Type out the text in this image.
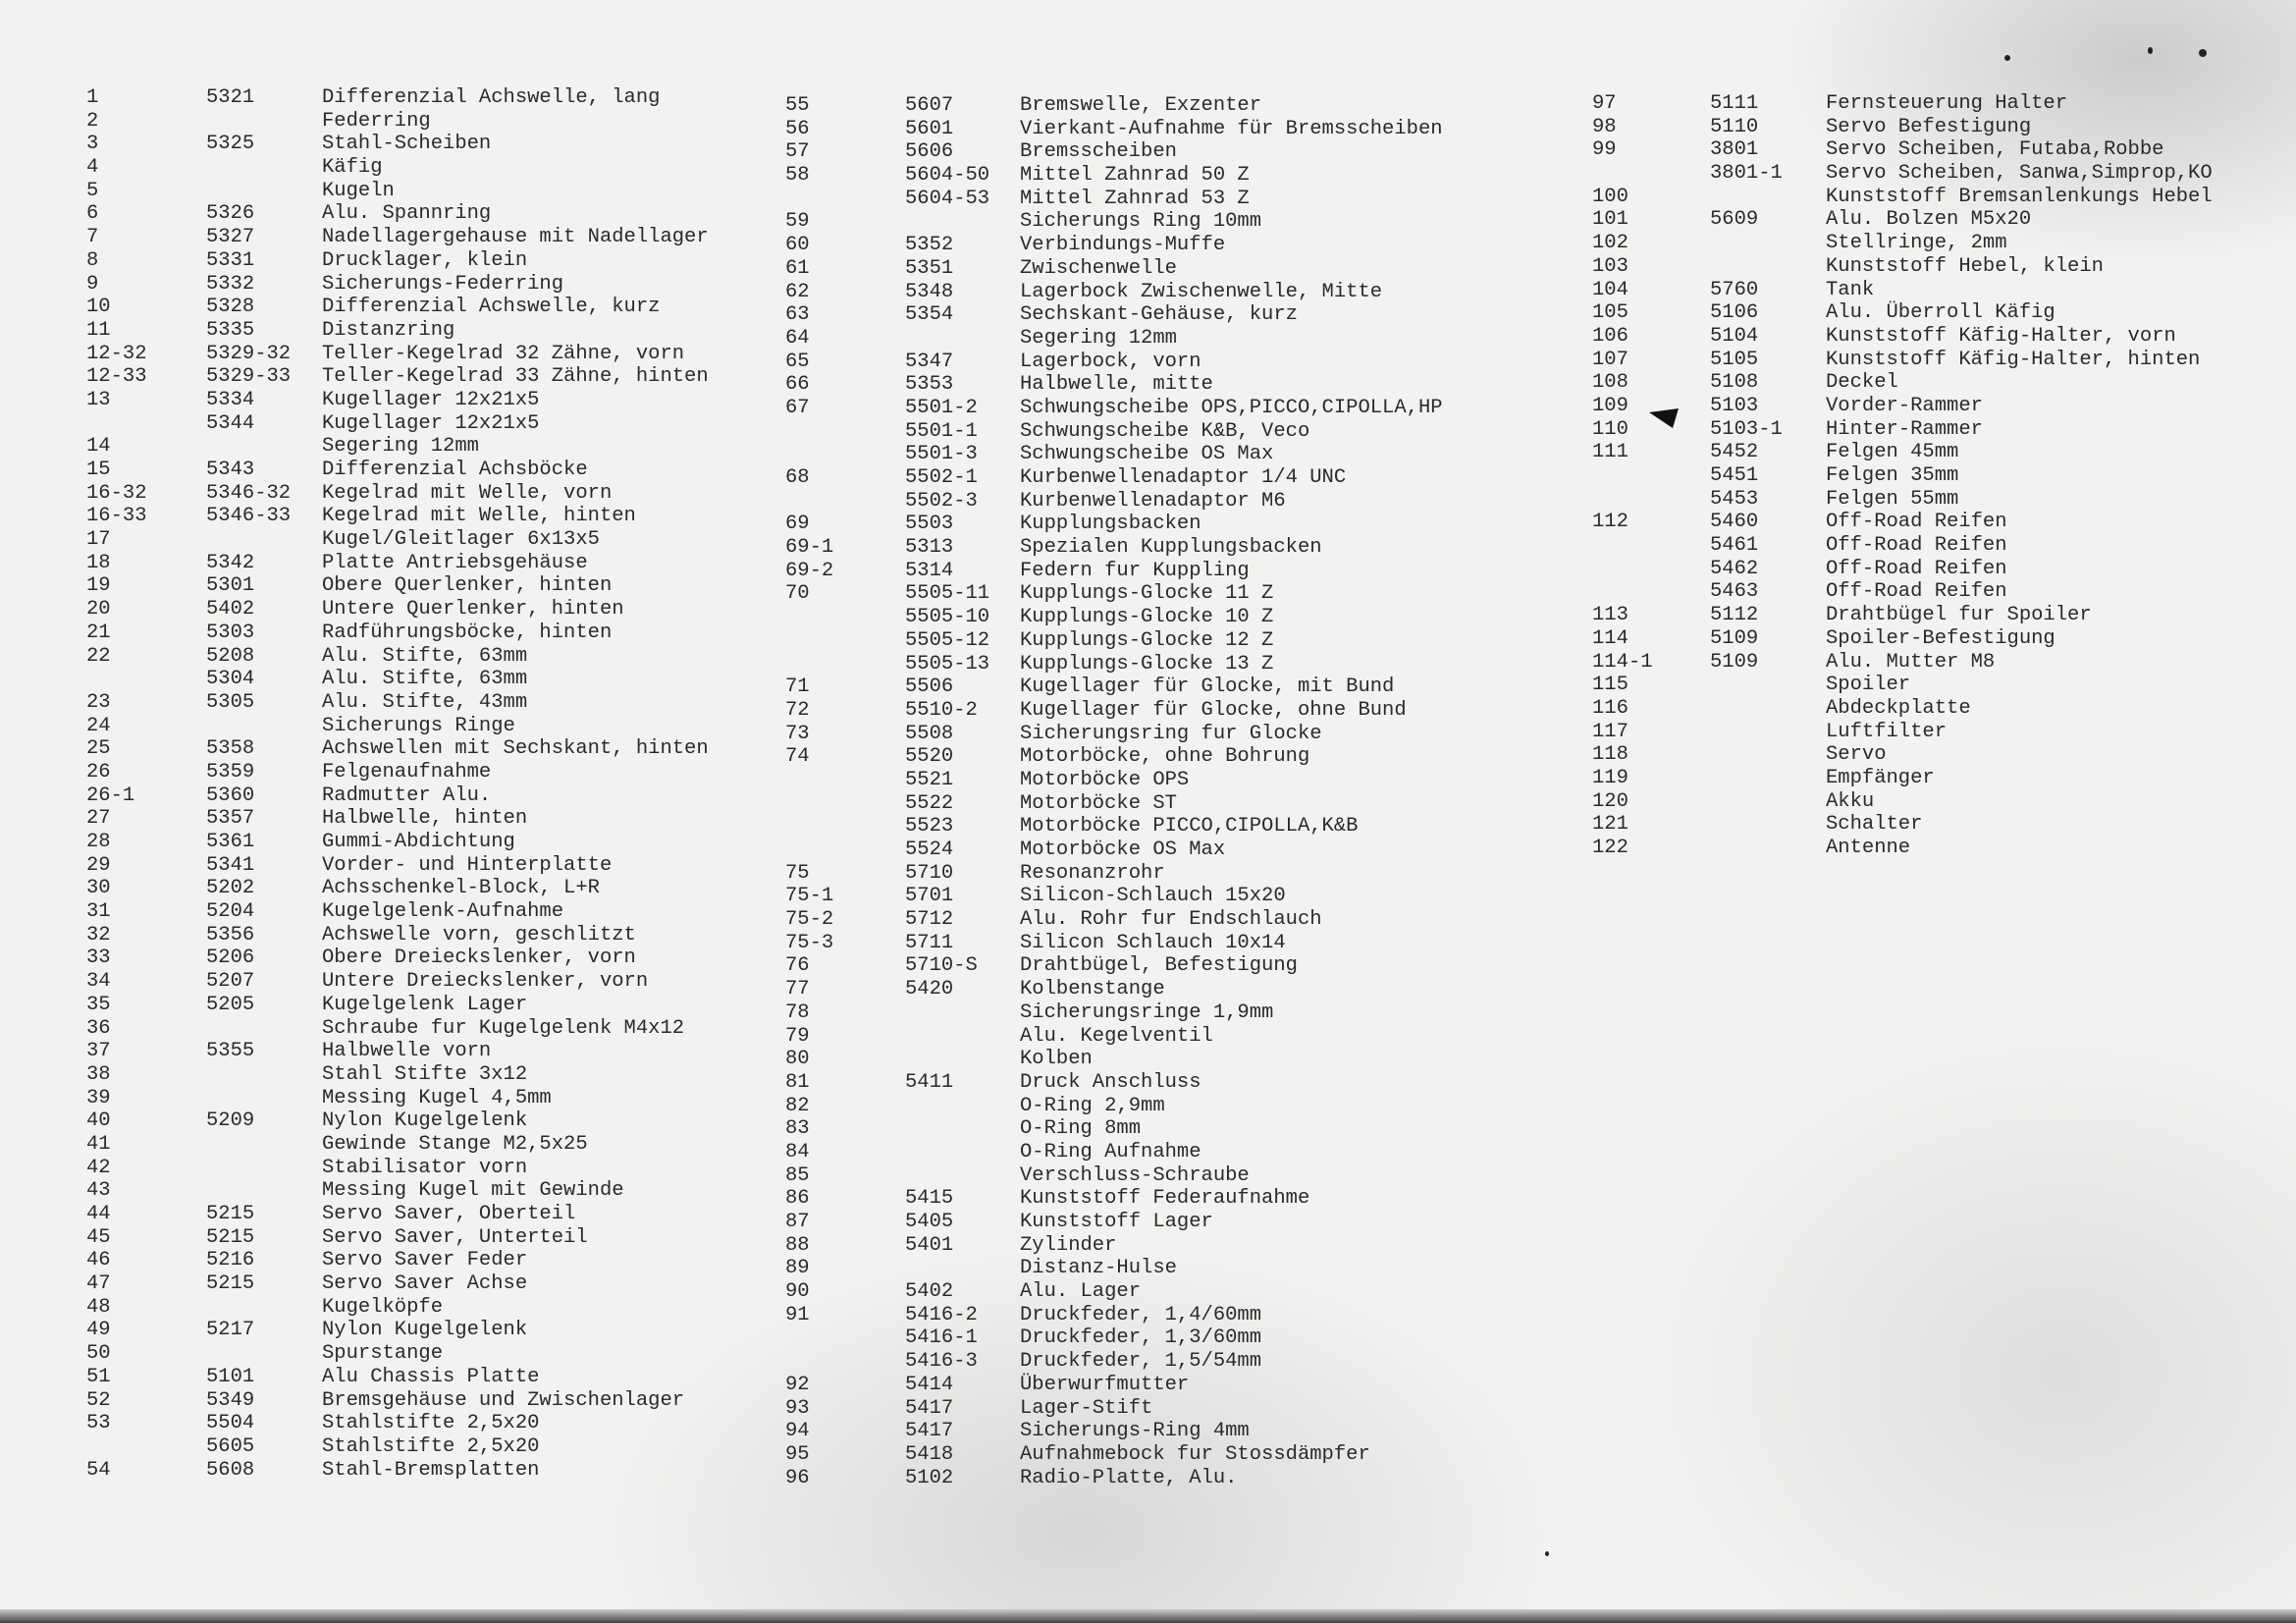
1	5321	Differenzial Achswelle, lang
2	Federring
3	5325	Stahl-Scheiben
4	Käfig
5	Kugeln
6	5326	Alu. Spannring
7	5327	Nadellagergehause mit Nadellager
8	5331	Drucklager, klein
9	5332	Sicherungs-Federring
10	5328	Differenzial Achswelle, kurz
11	5335	Distanzring
12-32	5329-32	Teller-Kegelrad 32 Zähne, vorn
12-33	5329-33	Teller-Kegelrad 33 Zähne, hinten
13	5334	Kugellager 12x21x5
5344	Kugellager 12x21x5
14	Segering 12mm
15	5343	Differenzial Achsböcke
16-32	5346-32	Kegelrad mit Welle, vorn
16-33	5346-33	Kegelrad mit Welle, hinten
17	Kugel/Gleitlager 6x13x5
18	5342	Platte Antriebsgehäuse
19	5301	Obere Querlenker, hinten
20	5402	Untere Querlenker, hinten
21	5303	Radführungsböcke, hinten
22	5208	Alu. Stifte, 63mm
5304	Alu. Stifte, 63mm
23	5305	Alu. Stifte, 43mm
24	Sicherungs Ringe
25	5358	Achswellen mit Sechskant, hinten
26	5359	Felgenaufnahme
26-1	5360	Radmutter Alu.
27	5357	Halbwelle, hinten
28	5361	Gummi-Abdichtung
29	5341	Vorder- und Hinterplatte
30	5202	Achsschenkel-Block, L+R
31	5204	Kugelgelenk-Aufnahme
32	5356	Achswelle vorn, geschlitzt
33	5206	Obere Dreieckslenker, vorn
34	5207	Untere Dreieckslenker, vorn
35	5205	Kugelgelenk Lager
36	Schraube fur Kugelgelenk M4x12
37	5355	Halbwelle vorn
38	Stahl Stifte 3x12
39	Messing Kugel 4,5mm
40	5209	Nylon Kugelgelenk
41	Gewinde Stange M2,5x25
42	Stabilisator vorn
43	Messing Kugel mit Gewinde
44	5215	Servo Saver, Oberteil
45	5215	Servo Saver, Unterteil
46	5216	Servo Saver Feder
47	5215	Servo Saver Achse
48	Kugelköpfe
49	5217	Nylon Kugelgelenk
50	Spurstange
51	5101	Alu Chassis Platte
52	5349	Bremsgehäuse und Zwischenlager
53	5504	Stahlstifte 2,5x20
5605	Stahlstifte 2,5x20
54	5608	Stahl-Bremsplatten
55	5607	Bremswelle, Exzenter
56	5601	Vierkant-Aufnahme für Bremsscheiben
57	5606	Bremsscheiben
58	5604-50	Mittel Zahnrad 50 Z
5604-53	Mittel Zahnrad 53 Z
59	Sicherungs Ring 10mm
60	5352	Verbindungs-Muffe
61	5351	Zwischenwelle
62	5348	Lagerbock Zwischenwelle, Mitte
63	5354	Sechskant-Gehäuse, kurz
64	Segering 12mm
65	5347	Lagerbock, vorn
66	5353	Halbwelle, mitte
67	5501-2	Schwungscheibe OPS,PICCO,CIPOLLA,HP
5501-1	Schwungscheibe K&B, Veco
5501-3	Schwungscheibe OS Max
68	5502-1	Kurbenwellenadaptor 1/4 UNC
5502-3	Kurbenwellenadaptor M6
69	5503	Kupplungsbacken
69-1	5313	Spezialen Kupplungsbacken
69-2	5314	Federn fur Kuppling
70	5505-11	Kupplungs-Glocke 11 Z
5505-10	Kupplungs-Glocke 10 Z
5505-12	Kupplungs-Glocke 12 Z
5505-13	Kupplungs-Glocke 13 Z
71	5506	Kugellager für Glocke, mit Bund
72	5510-2	Kugellager für Glocke, ohne Bund
73	5508	Sicherungsring fur Glocke
74	5520	Motorböcke, ohne Bohrung
5521	Motorböcke OPS
5522	Motorböcke ST
5523	Motorböcke PICCO,CIPOLLA,K&B
5524	Motorböcke OS Max
75	5710	Resonanzrohr
75-1	5701	Silicon-Schlauch 15x20
75-2	5712	Alu. Rohr fur Endschlauch
75-3	5711	Silicon Schlauch 10x14
76	5710-S	Drahtbügel, Befestigung
77	5420	Kolbenstange
78	Sicherungsringe 1,9mm
79	Alu. Kegelventil
80	Kolben
81	5411	Druck Anschluss
82	O-Ring 2,9mm
83	O-Ring 8mm
84	O-Ring Aufnahme
85	Verschluss-Schraube
86	5415	Kunststoff Federaufnahme
87	5405	Kunststoff Lager
88	5401	Zylinder
89	Distanz-Hulse
90	5402	Alu. Lager
91	5416-2	Druckfeder, 1,4/60mm
5416-1	Druckfeder, 1,3/60mm
5416-3	Druckfeder, 1,5/54mm
92	5414	Überwurfmutter
93	5417	Lager-Stift
94	5417	Sicherungs-Ring 4mm
95	5418	Aufnahmebock fur Stossdämpfer
96	5102	Radio-Platte, Alu.
97	5111	Fernsteuerung Halter
98	5110	Servo Befestigung
99	3801	Servo Scheiben, Futaba,Robbe
3801-1	Servo Scheiben, Sanwa,Simprop,KO
100	Kunststoff Bremsanlenkungs Hebel
101	5609	Alu. Bolzen M5x20
102	Stellringe, 2mm
103	Kunststoff Hebel, klein
104	5760	Tank
105	5106	Alu. Überroll Käfig
106	5104	Kunststoff Käfig-Halter, vorn
107	5105	Kunststoff Käfig-Halter, hinten
108	5108	Deckel
109	5103	Vorder-Rammer
110	5103-1	Hinter-Rammer
111	5452	Felgen 45mm
5451	Felgen 35mm
5453	Felgen 55mm
112	5460	Off-Road Reifen
5461	Off-Road Reifen
5462	Off-Road Reifen
5463	Off-Road Reifen
113	5112	Drahtbügel fur Spoiler
114	5109	Spoiler-Befestigung
114-1	5109	Alu. Mutter M8
115	Spoiler
116	Abdeckplatte
117	Luftfilter
118	Servo
119	Empfänger
120	Akku
121	Schalter
122	Antenne
